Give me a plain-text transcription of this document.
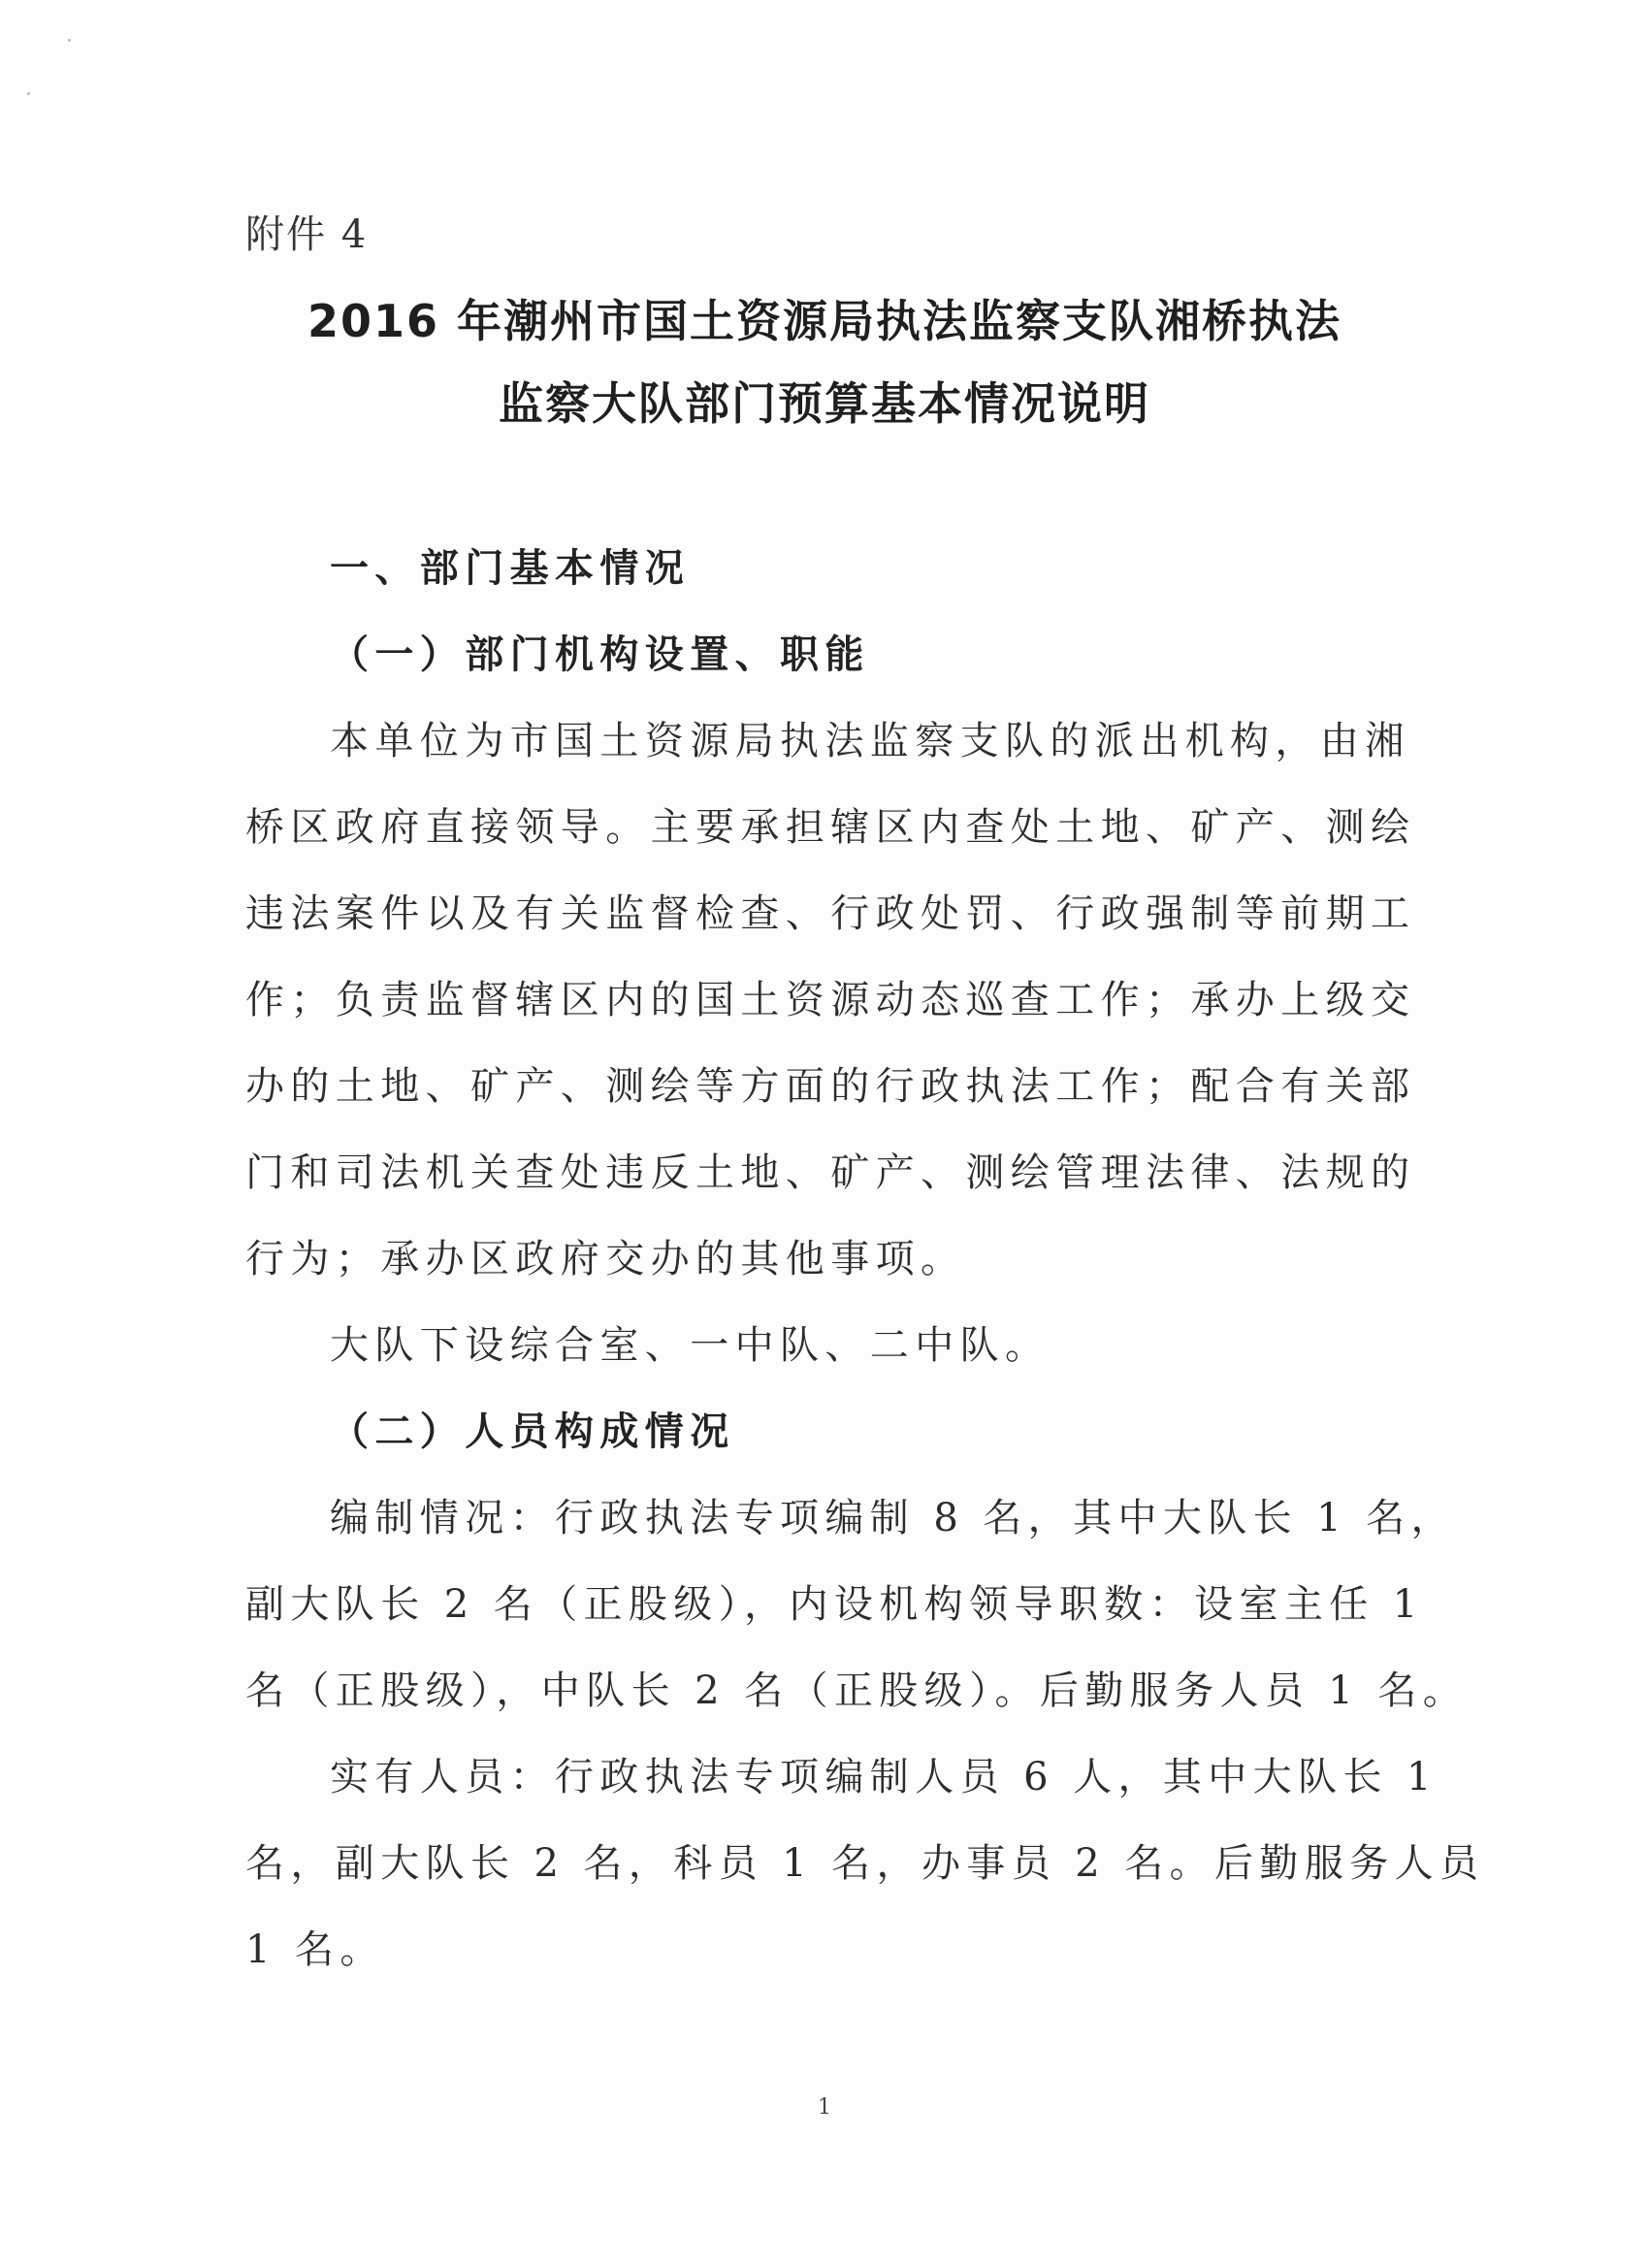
附件 4
2016 年潮州市国土资源局执法监察支队湘桥执法
监察大队部门预算基本情况说明
一、部门基本情况
（一）部门机构设置、职能
本单位为市国土资源局执法监察支队的派出机构，由湘
桥区政府直接领导。主要承担辖区内查处土地、矿产、测绘
违法案件以及有关监督检查、行政处罚、行政强制等前期工
作；负责监督辖区内的国土资源动态巡查工作；承办上级交
办的土地、矿产、测绘等方面的行政执法工作；配合有关部
门和司法机关查处违反土地、矿产、测绘管理法律、法规的
行为；承办区政府交办的其他事项。
大队下设综合室、一中队、二中队。
（二）人员构成情况
编制情况：行政执法专项编制 8 名，其中大队长 1 名，
副大队长 2 名（正股级），内设机构领导职数：设室主任 1
名（正股级），中队长 2 名（正股级）。后勤服务人员 1 名。
实有人员：行政执法专项编制人员 6 人，其中大队长 1
名，副大队长 2 名，科员 1 名，办事员 2 名。后勤服务人员
1 名。
1
